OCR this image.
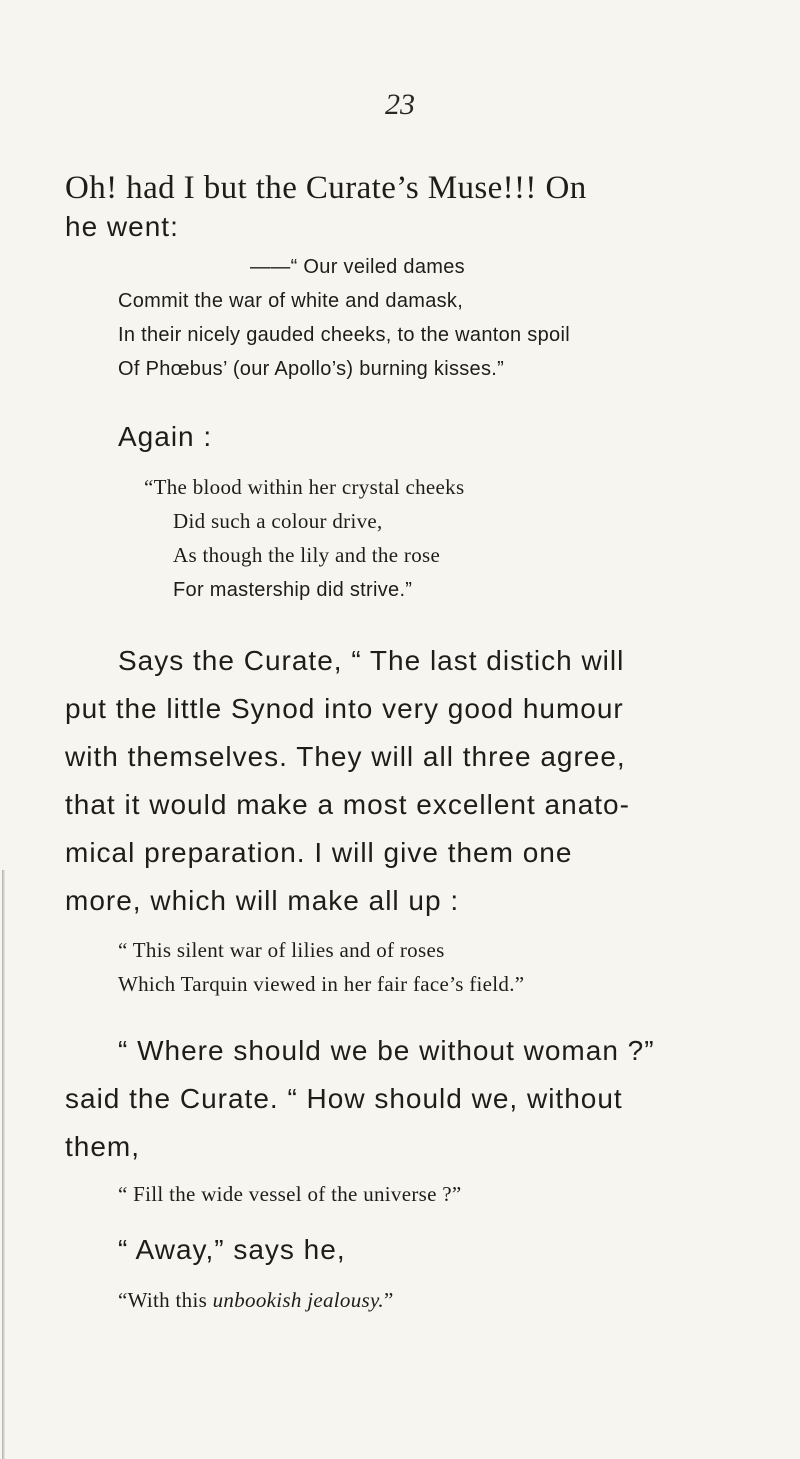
23

Oh! had I but the Curate’s Muse!!! On

he went:

——“ Our veiled dames

Commit the war of white and damask,

In their nicely gauded cheeks, to the wanton spoil

Of Phœbus’ (our Apollo’s) burning kisses.”

Again :

“The blood within her crystal cheeks

Did such a colour drive,

As though the lily and the rose

For mastership did strive.”

Says the Curate, “ The last distich will

put the little Synod into very good humour

with themselves. They will all three agree,

that it would make a most excellent anato-

mical preparation. I will give them one

more, which will make all up :

“ This silent war of lilies and of roses

Which Tarquin viewed in her fair face’s field.”

“ Where should we be without woman ?”

said the Curate. “ How should we, without

them,

“ Fill the wide vessel of the universe ?”

“ Away,” says he,

“With this unbookish jealousy.”
